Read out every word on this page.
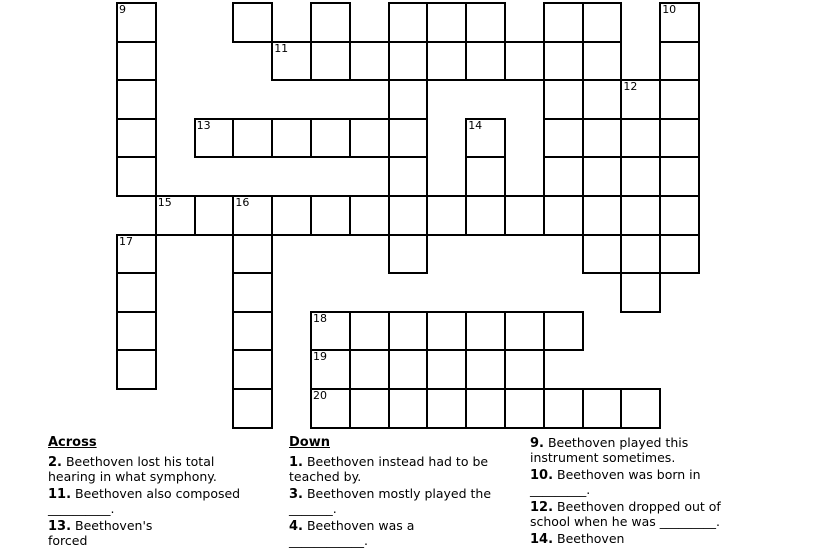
9	10
11
12
13	14
15	16
17
18
19
20

Across

2. Beethoven lost his total hearing in what symphony.

11. Beethoven also composed __________.

13. Beethoven's                forced

Down

1. Beethoven instead had to be teached by.

3. Beethoven mostly played the _______.

4. Beethoven was a ____________.

9. Beethoven played this instrument sometimes.

10. Beethoven was born in _________.

12. Beethoven dropped out of school when he was _________.

14. Beethoven
